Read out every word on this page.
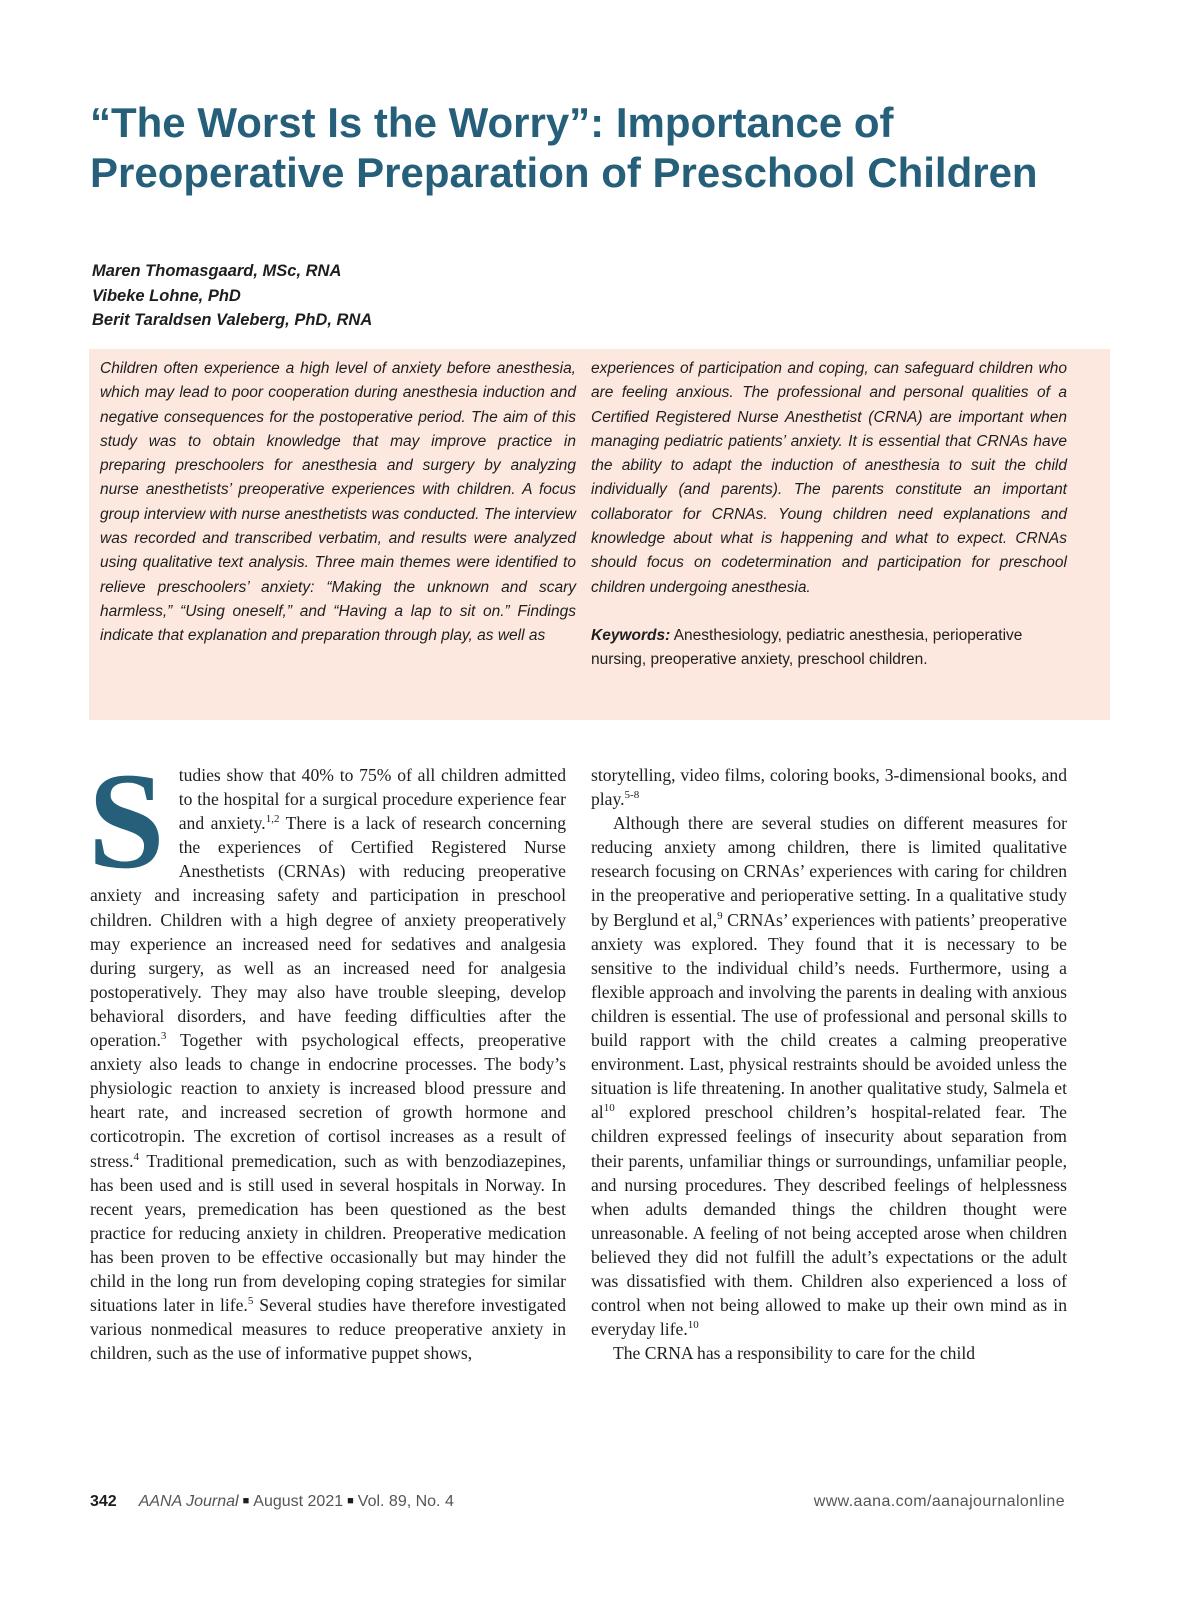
“The Worst Is the Worry”: Importance of Preoperative Preparation of Preschool Children
Maren Thomasgaard, MSc, RNA
Vibeke Lohne, PhD
Berit Taraldsen Valeberg, PhD, RNA
Children often experience a high level of anxiety before anesthesia, which may lead to poor cooperation during anesthesia induction and negative consequences for the postoperative period. The aim of this study was to obtain knowledge that may improve practice in preparing preschoolers for anesthesia and surgery by analyzing nurse anesthetists’ preoperative experiences with children. A focus group interview with nurse anesthetists was conducted. The interview was recorded and transcribed verbatim, and results were analyzed using qualitative text analysis. Three main themes were identified to relieve preschoolers’ anxiety: “Making the unknown and scary harmless,” “Using oneself,” and “Having a lap to sit on.” Findings indicate that explanation and preparation through play, as well as
experiences of participation and coping, can safeguard children who are feeling anxious. The professional and personal qualities of a Certified Registered Nurse Anesthetist (CRNA) are important when managing pediatric patients’ anxiety. It is essential that CRNAs have the ability to adapt the induction of anesthesia to suit the child individually (and parents). The parents constitute an important collaborator for CRNAs. Young children need explanations and knowledge about what is happening and what to expect. CRNAs should focus on codetermination and participation for preschool children undergoing anesthesia.
Keywords: Anesthesiology, pediatric anesthesia, perioperative nursing, preoperative anxiety, preschool children.

Studies show that 40% to 75% of all children admitted to the hospital for a surgical procedure experience fear and anxiety.$^{1,2}$ There is a lack of research concerning the experiences of Certified Registered Nurse Anesthetists (CRNAs) with reducing preoperative anxiety and increasing safety and participation in preschool children. Children with a high degree of anxiety preoperatively may experience an increased need for sedatives and analgesia during surgery, as well as an increased need for analgesia postoperatively. They may also have trouble sleeping, develop behavioral disorders, and have feeding difficulties after the operation.$^3$ Together with psychological effects, preoperative anxiety also leads to change in endocrine processes. The body’s physiologic reaction to anxiety is increased blood pressure and heart rate, and increased secretion of growth hormone and corticotropin. The excretion of cortisol increases as a result of stress.$^4$ Traditional premedication, such as with benzodiazepines, has been used and is still used in several hospitals in Norway. In recent years, premedication has been questioned as the best practice for reducing anxiety in children. Preoperative medication has been proven to be effective occasionally but may hinder the child in the long run from developing coping strategies for similar situations later in life.$^5$ Several studies have therefore investigated various nonmedical measures to reduce preoperative anxiety in children, such as the use of informative puppet shows,

storytelling, video films, coloring books, 3-dimensional books, and play.$^{5-8}$

Although there are several studies on different measures for reducing anxiety among children, there is limited qualitative research focusing on CRNAs’ experiences with caring for children in the preoperative and perioperative setting. In a qualitative study by Berglund et al,$^9$ CRNAs’ experiences with patients’ preoperative anxiety was explored. They found that it is necessary to be sensitive to the individual child’s needs. Furthermore, using a flexible approach and involving the parents in dealing with anxious children is essential. The use of professional and personal skills to build rapport with the child creates a calming preoperative environment. Last, physical restraints should be avoided unless the situation is life threatening. In another qualitative study, Salmela et $al^{10}$ explored preschool children’s hospital-related fear. The children expressed feelings of insecurity about separation from their parents, unfamiliar things or surroundings, unfamiliar people, and nursing procedures. They described feelings of helplessness when adults demanded things the children thought were unreasonable. A feeling of not being accepted arose when children believed they did not fulfill the adult’s expectations or the adult was dissatisfied with them. Children also experienced a loss of control when not being allowed to make up their own mind as in everyday life.$^{10}$

The CRNA has a responsibility to care for the child

342 AANA Journal ■ August 2021 ■ Vol. 89, No. 4	www.aana.com/aanajournalonline
